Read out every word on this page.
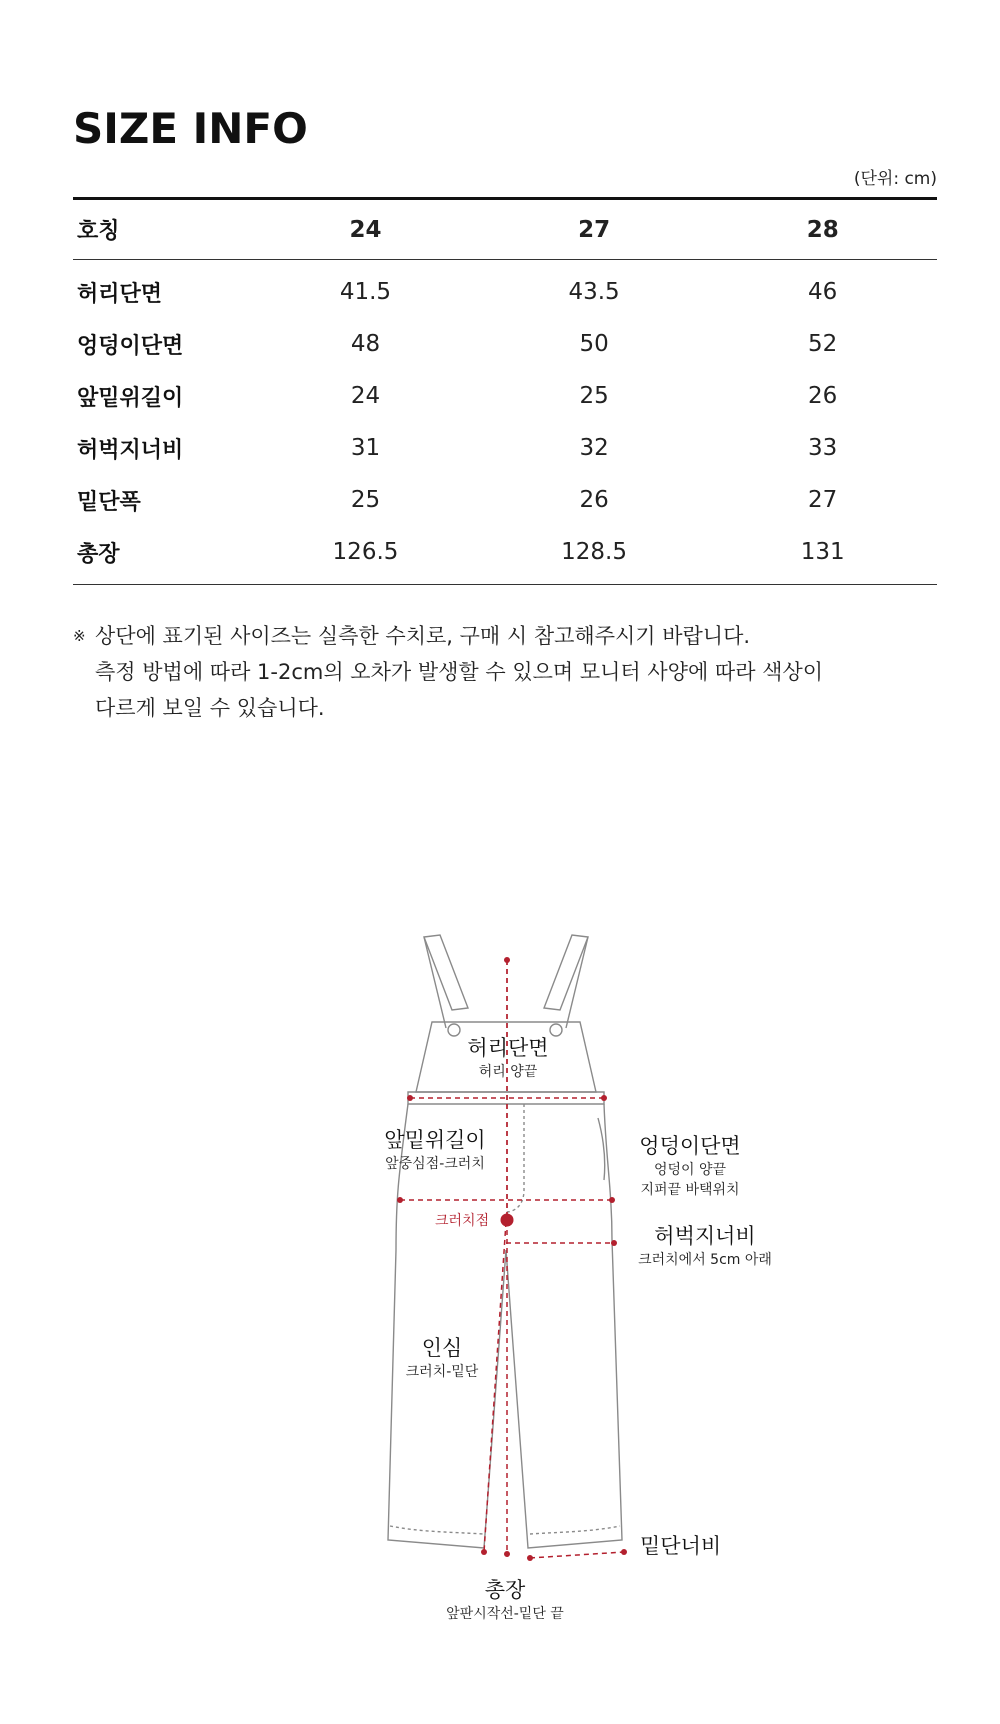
SIZE INFO
(단위: cm)
호칭	24	27	28
허리단면	41.5	43.5	46
엉덩이단면	48	50	52
앞밑위길이	24	25	26
허벅지너비	31	32	33
밑단폭	25	26	27
총장	126.5	128.5	131
※ 상단에 표기된 사이즈는 실측한 수치로, 구매 시 참고해주시기 바랍니다.
측정 방법에 따라 1-2cm의 오차가 발생할 수 있으며 모니터 사양에 따라 색상이
다르게 보일 수 있습니다.
허리단면
허리 양끝
앞밑위길이
앞중심점-크러치
엉덩이단면
엉덩이 양끝
지퍼끝 바택위치
크러치점
허벅지너비
크러치에서 5cm 아래
인심
크러치-밑단
밑단너비
총장
앞판시작선-밑단 끝
